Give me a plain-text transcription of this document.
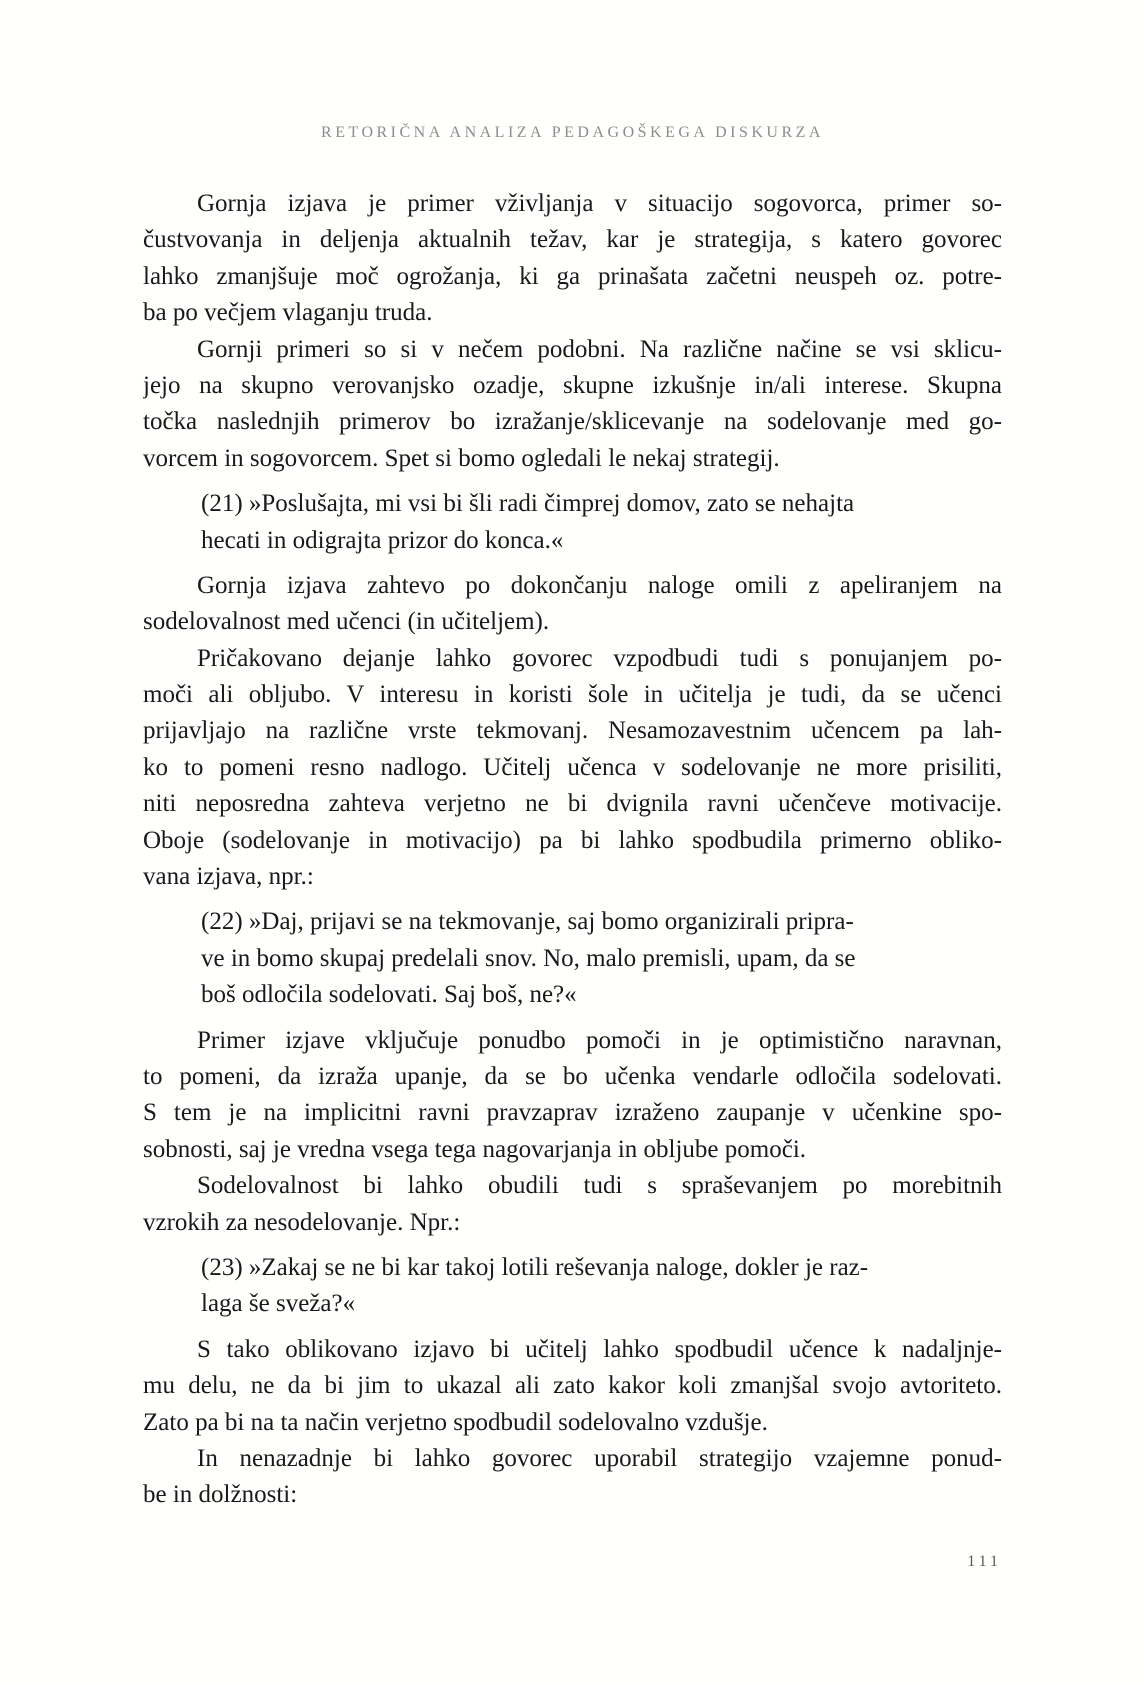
RETORIČNA ANALIZA PEDAGOŠKEGA DISKURZA
Gornja izjava je primer vživljanja v situacijo sogovorca, primer so-
čustvovanja in deljenja aktualnih težav, kar je strategija, s katero govorec
lahko zmanjšuje moč ogrožanja, ki ga prinašata začetni neuspeh oz. potre-
ba po večjem vlaganju truda.
Gornji primeri so si v nečem podobni. Na različne načine se vsi sklicu-
jejo na skupno verovanjsko ozadje, skupne izkušnje in/ali interese. Skupna
točka naslednjih primerov bo izražanje/sklicevanje na sodelovanje med go-
vorcem in sogovorcem. Spet si bomo ogledali le nekaj strategij.
(21) »Poslušajta, mi vsi bi šli radi čimprej domov, zato se nehajta
hecati in odigrajta prizor do konca.«
Gornja izjava zahtevo po dokončanju naloge omili z apeliranjem na
sodelovalnost med učenci (in učiteljem).
Pričakovano dejanje lahko govorec vzpodbudi tudi s ponujanjem po-
moči ali obljubo. V interesu in koristi šole in učitelja je tudi, da se učenci
prijavljajo na različne vrste tekmovanj. Nesamozavestnim učencem pa lah-
ko to pomeni resno nadlogo. Učitelj učenca v sodelovanje ne more prisiliti,
niti neposredna zahteva verjetno ne bi dvignila ravni učenčeve motivacije.
Oboje (sodelovanje in motivacijo) pa bi lahko spodbudila primerno obliko-
vana izjava, npr.:
(22) »Daj, prijavi se na tekmovanje, saj bomo organizirali pripra-
ve in bomo skupaj predelali snov. No, malo premisli, upam, da se
boš odločila sodelovati. Saj boš, ne?«
Primer izjave vključuje ponudbo pomoči in je optimistično naravnan,
to pomeni, da izraža upanje, da se bo učenka vendarle odločila sodelovati.
S tem je na implicitni ravni pravzaprav izraženo zaupanje v učenkine spo-
sobnosti, saj je vredna vsega tega nagovarjanja in obljube pomoči.
Sodelovalnost bi lahko obudili tudi s spraševanjem po morebitnih
vzrokih za nesodelovanje. Npr.:
(23) »Zakaj se ne bi kar takoj lotili reševanja naloge, dokler je raz-
laga še sveža?«
S tako oblikovano izjavo bi učitelj lahko spodbudil učence k nadaljnje-
mu delu, ne da bi jim to ukazal ali zato kakor koli zmanjšal svojo avtoriteto.
Zato pa bi na ta način verjetno spodbudil sodelovalno vzdušje.
In nenazadnje bi lahko govorec uporabil strategijo vzajemne ponud-
be in dolžnosti:
111
